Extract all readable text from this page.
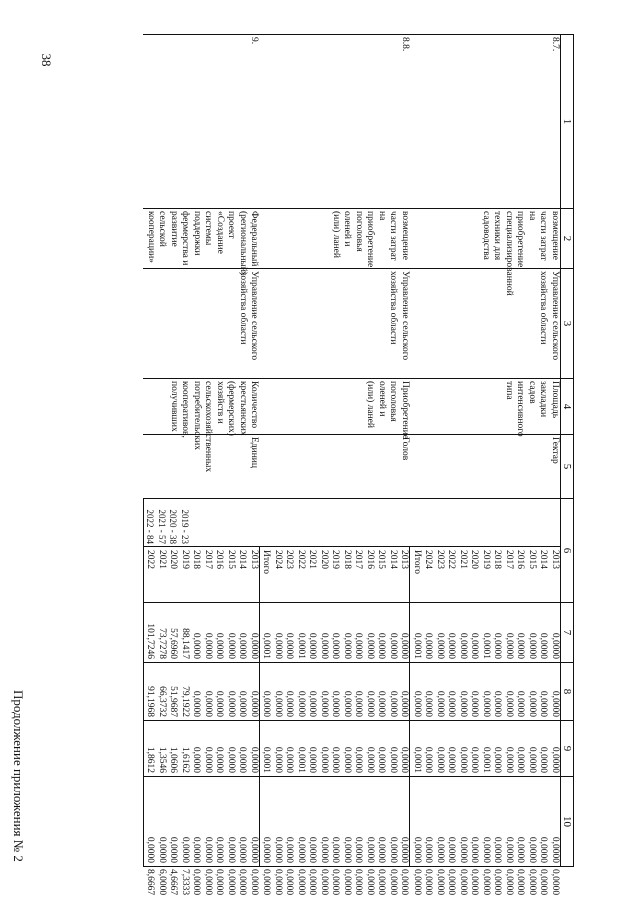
38
Продолжение приложения № 2
1	2	3	4	5	6		7	8	9	10	

8.7.	возмещение части затрат на приобретение специализированной техники для садоводства	Управление сельского хозяйства области	Площадь закладки садов интенсивного типа	Гектар		2013	0,0000	0,0000	0,0000	0,0000	0,0000
						2014	0,0000	0,0000	0,0000	0,0000	0,0000
						2015	0,0000	0,0000	0,0000	0,0000	0,0000
						2016	0,0000	0,0000	0,0000	0,0000	0,0000
						2017	0,0000	0,0000	0,0000	0,0000	0,0000
						2018	0,0000	0,0000	0,0000	0,0000	0,0000
						2019	0,0001	0,0000	0,0001	0,0000	0,0000
						2020	0,0000	0,0000	0,0000	0,0000	0,0000
						2021	0,0000	0,0000	0,0000	0,0000	0,0000
						2022	0,0000	0,0000	0,0000	0,0000	0,0000
						2023	0,0000	0,0000	0,0000	0,0000	0,0000
						2024	0,0000	0,0000	0,0000	0,0000	0,0000
						Итого	0,0001	0,0000	0,0001	0,0000	0,0000

8.8.	возмещение части затрат на приобретение поголовья оленей и (или) ланей	Управление сельского хозяйства области	Приобретение поголовья оленей и (или) ланей	Голов		2013	0,0000	0,0000	0,0000	0,0000	0,0000
						2014	0,0000	0,0000	0,0000	0,0000	0,0000
						2015	0,0000	0,0000	0,0000	0,0000	0,0000
						2016	0,0000	0,0000	0,0000	0,0000	0,0000
						2017	0,0000	0,0000	0,0000	0,0000	0,0000
						2018	0,0000	0,0000	0,0000	0,0000	0,0000
						2019	0,0000	0,0000	0,0000	0,0000	0,0000
						2020	0,0000	0,0000	0,0000	0,0000	0,0000
						2021	0,0000	0,0000	0,0000	0,0000	0,0000
						2022	0,0001	0,0000	0,0001	0,0000	0,0000
						2023	0,0000	0,0000	0,0000	0,0000	0,0000
						2024	0,0000	0,0000	0,0000	0,0000	0,0000
						Итого	0,0001	0,0000	0,0001	0,0000	0,0000

9.	Федеральный (региональный) проект «Создание системы поддержки фермерства и развитие сельской кооперации»	Управление сельского хозяйства области	Количество крестьянских (фермерских) хозяйств и сельскохозяйственных потребительских кооперативов, получивших	Единиц		2013	0,0000	0,0000	0,0000	0,0000	0,0000
						2014	0,0000	0,0000	0,0000	0,0000	0,0000
						2015	0,0000	0,0000	0,0000	0,0000	0,0000
						2016	0,0000	0,0000	0,0000	0,0000	0,0000
						2017	0,0000	0,0000	0,0000	0,0000	0,0000
						2018	0,0000	0,0000	0,0000	0,0000	0,0000
					2019 - 23	2019	88,1417	79,1922	1,6162	0,0000	7,3333
					2020 - 38	2020	57,6960	51,9687	1,0606	0,0000	4,6667
					2021 - 57	2021	73,7278	66,3732	1,3546	0,0000	6,0000
					2022 - 84	2022	101,7246	91,1968	1,8612	0,0000	8,6667
